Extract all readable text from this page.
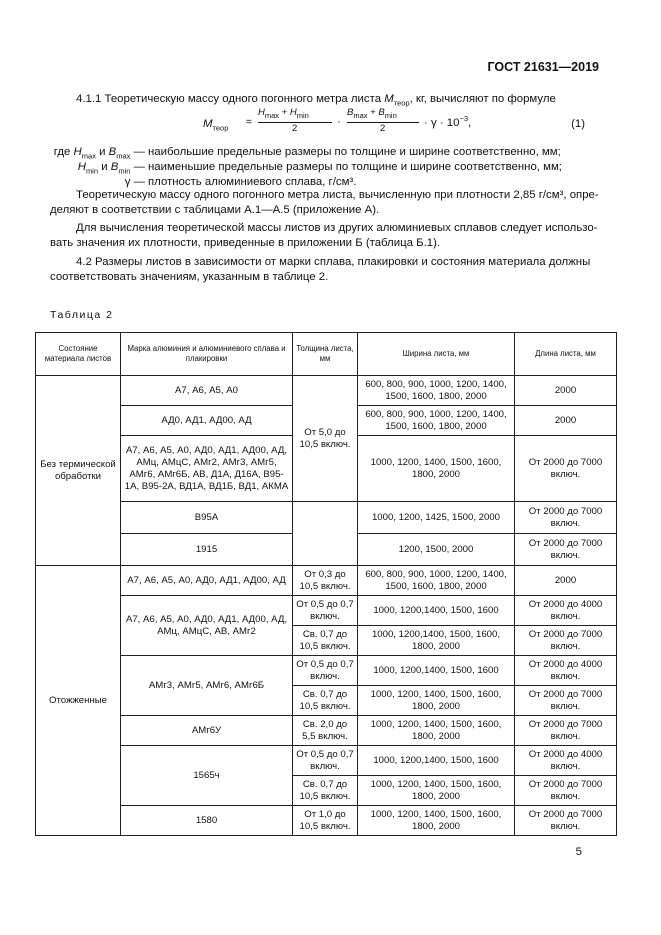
ГОСТ 21631—2019
4.1.1 Теоретическую массу одного погонного метра листа $M_{теор}$, кг, вычисляют по формуле
$M_{теор}$ =
$H_{max} + H_{min}$
2
·
$B_{max} + B_{min}$
2	· $\gamma \cdot 10^{-3}$,	(1)
где $H_{max}$ и $B_{max}$ — наибольшие предельные размеры по толщине и ширине соответственно, мм;
$H_{min}$ и $B_{min}$ — наименьшие предельные размеры по толщине и ширине соответственно, мм;
γ — плотность алюминиевого сплава, г/см³.
Теоретическую массу одного погонного метра листа, вычисленную при плотности 2,85 г/см³, опре-
деляют в соответствии с таблицами А.1—А.5 (приложение А).
Для вычисления теоретической массы листов из других алюминиевых сплавов следует использо-
вать значения их плотности, приведенные в приложении Б (таблица Б.1).
4.2 Размеры листов в зависимости от марки сплава, плакировки и состояния материала должны
соответствовать значениям, указанным в таблице 2.
Таблица 2
Состояние материала листов	Марка алюминия и алюминиевого сплава и плакировки	Толщина листа, мм	Ширина листа, мм	Длина листа, мм
Без термической обработки	А7, А6, А5, А0	От 5,0 до 10,5 включ.	600, 800, 900, 1000, 1200, 1400, 1500, 1600, 1800, 2000	2000
	АД0, АД1, АД00, АД		600, 800, 900, 1000, 1200, 1400, 1500, 1600, 1800, 2000	2000
	А7, А6, А5, А0, АД0, АД1, АД00, АД, АМц, АМцС, АМг2, АМг3, АМг5, АМг6, АМг6Б, АВ, Д1А, Д16А, В95-1А, В95-2А, ВД1А, ВД1Б, ВД1, АКМА		1000, 1200, 1400, 1500, 1600, 1800, 2000	От 2000 до 7000 включ.
	В95А		1000, 1200, 1425, 1500, 2000	От 2000 до 7000 включ.
	1915		1200, 1500, 2000	От 2000 до 7000 включ.
Отожженные	А7, А6, А5, А0, АД0, АД1, АД00, АД	От 0,3 до 10,5 включ.	600, 800, 900, 1000, 1200, 1400, 1500, 1600, 1800, 2000	2000
	А7, А6, А5, А0, АД0, АД1, АД00, АД, АМц, АМцС, АВ, АМг2	От 0,5 до 0,7 включ.	1000, 1200,1400, 1500, 1600	От 2000 до 4000 включ.
		Св. 0,7 до 10,5 включ.	1000, 1200,1400, 1500, 1600, 1800, 2000	От 2000 до 7000 включ.
	АМг3, АМг5, АМг6, АМг6Б	От 0,5 до 0,7 включ.	1000, 1200,1400, 1500, 1600	От 2000 до 4000 включ.
		Св. 0,7 до 10,5 включ.	1000, 1200, 1400, 1500, 1600, 1800, 2000	От 2000 до 7000 включ.
	АМг6У	Св. 2,0 до 5,5 включ.	1000, 1200, 1400, 1500, 1600, 1800, 2000	От 2000 до 7000 включ.
	1565ч	От 0,5 до 0,7 включ.	1000, 1200,1400, 1500, 1600	От 2000 до 4000 включ.
		Св. 0,7 до 10,5 включ.	1000, 1200, 1400, 1500, 1600, 1800, 2000	От 2000 до 7000 включ.
	1580	От 1,0 до 10,5 включ.	1000, 1200, 1400, 1500, 1600, 1800, 2000	От 2000 до 7000 включ.
5
